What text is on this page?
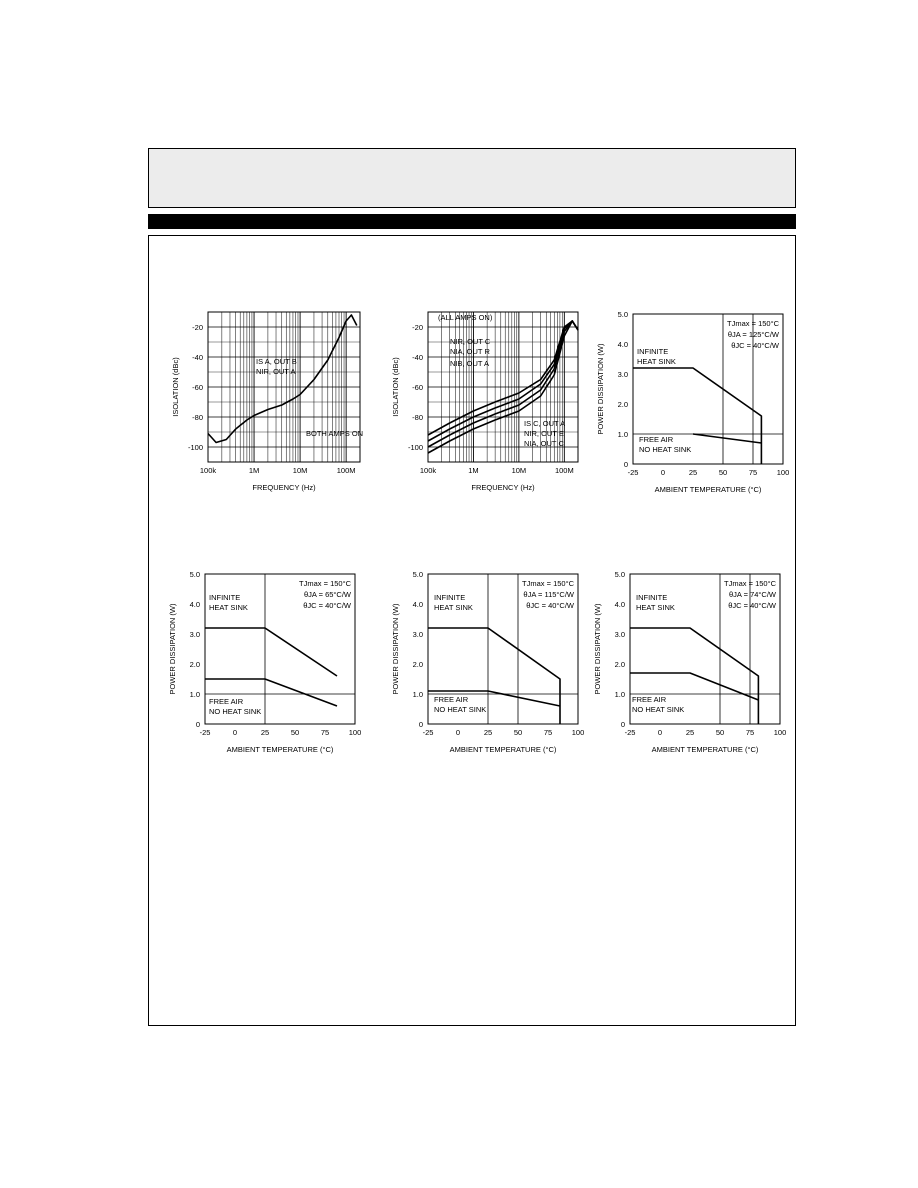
100k	1M	10M	100M
-20
-40
-60
-80
-100
FREQUENCY (Hz)
ISOLATION (dBc)	IS A, OUT B
NIR, OUT A
BOTH AMPS ON
100k	1M	10M	100M
-20
-40
-60
-80
-100
FREQUENCY (Hz)
ISOLATION (dBc)
(ALL AMPS ON)
NIR, OUT C
NIA, OUT R
NIB, OUT A
IS C, OUT A
NIR, OUT E
NIA, OUT C
-25	0	25	50	75	100
0
1.0
2.0
3.0
4.0
5.0
AMBIENT TEMPERATURE (°C)
POWER DISSIPATION (W)
TJmax = 150°C
θJA = 125°C/W
θJC = 40°C/W
INFINITE
HEAT SINK
FREE AIR
NO HEAT SINK
-25	0	25	50	75	100
0
1.0
2.0
3.0
4.0
5.0
AMBIENT TEMPERATURE (°C)
POWER DISSIPATION (W)
TJmax = 150°C
θJA = 65°C/W
θJC = 40°C/W
INFINITE
HEAT SINK
FREE AIR
NO HEAT SINK
-25	0	25	50	75	100
0
1.0
2.0
3.0
4.0
5.0
AMBIENT TEMPERATURE (°C)
POWER DISSIPATION (W)
TJmax = 150°C
θJA = 115°C/W
θJC = 40°C/W
INFINITE
HEAT SINK
FREE AIR
NO HEAT SINK
-25	0	25	50	75	100
0
1.0
2.0
3.0
4.0
5.0
AMBIENT TEMPERATURE (°C)
POWER DISSIPATION (W)
TJmax = 150°C
θJA = 74°C/W
θJC = 40°C/W
INFINITE
HEAT SINK
FREE AIR
NO HEAT SINK
